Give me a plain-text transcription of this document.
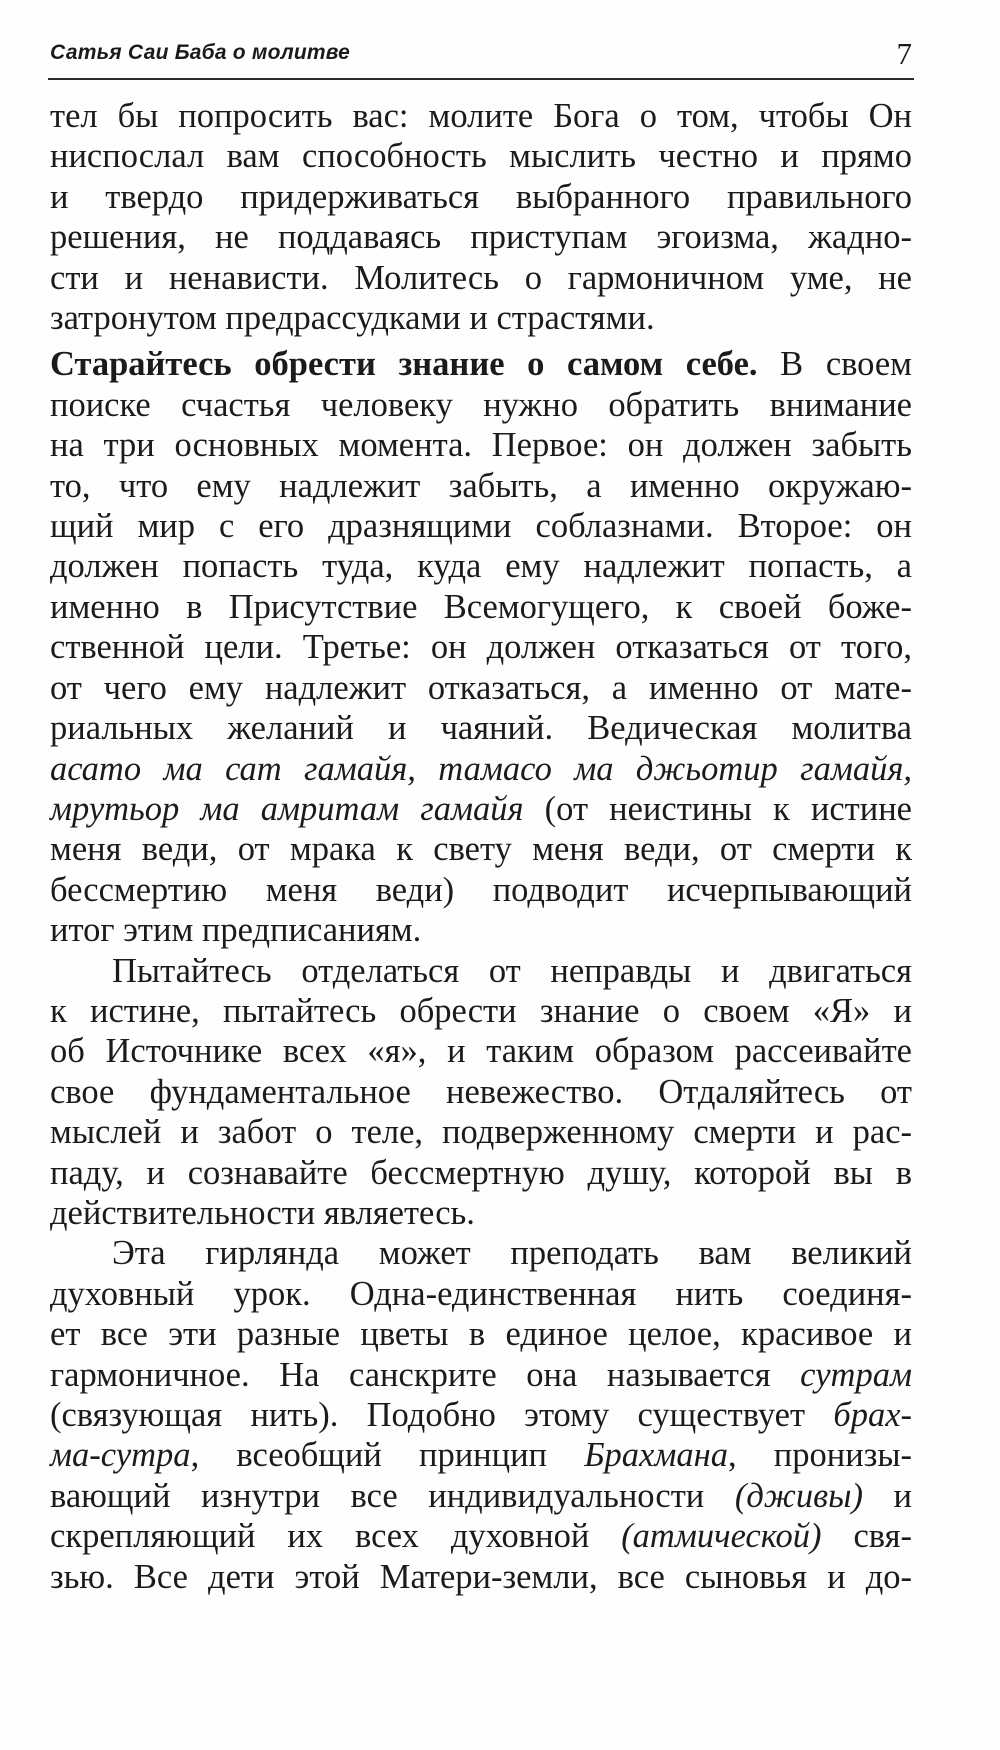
Сатья Саи Баба о молитве	7
тел бы попросить вас: молите Бога о том, чтобы Он
ниспослал вам способность мыслить честно и прямо
и твердо придерживаться выбранного правильного
решения, не поддаваясь приступам эгоизма, жадно-
сти и ненависти. Молитесь о гармоничном уме, не
затронутом предрассудками и страстями.
Старайтесь обрести знание о самом себе. В своем
поиске счастья человеку нужно обратить внимание
на три основных момента. Первое: он должен забыть
то, что ему надлежит забыть, а именно окружаю-
щий мир с его дразнящими соблазнами. Второе: он
должен попасть туда, куда ему надлежит попасть, а
именно в Присутствие Всемогущего, к своей боже-
ственной цели. Третье: он должен отказаться от того,
от чего ему надлежит отказаться, а именно от мате-
риальных желаний и чаяний. Ведическая молитва
асато ма сат гамайя, тамасо ма джьотир гамайя,
мрутьор ма амритам гамайя (от неистины к истине
меня веди, от мрака к свету меня веди, от смерти к
бессмертию меня веди) подводит исчерпывающий
итог этим предписаниям.
Пытайтесь отделаться от неправды и двигаться
к истине, пытайтесь обрести знание о своем «Я» и
об Источнике всех «я», и таким образом рассеивайте
свое фундаментальное невежество. Отдаляйтесь от
мыслей и забот о теле, подверженному смерти и рас-
паду, и сознавайте бессмертную душу, которой вы в
действительности являетесь.
Эта гирлянда может преподать вам великий
духовный урок. Одна-единственная нить соединя-
ет все эти разные цветы в единое целое, красивое и
гармоничное. На санскрите она называется сутрам
(связующая нить). Подобно этому существует брах-
ма-сутра, всеобщий принцип Брахмана, пронизы-
вающий изнутри все индивидуальности (дживы) и
скрепляющий их всех духовной (атмической) свя-
зью. Все дети этой Матери-земли, все сыновья и до-
